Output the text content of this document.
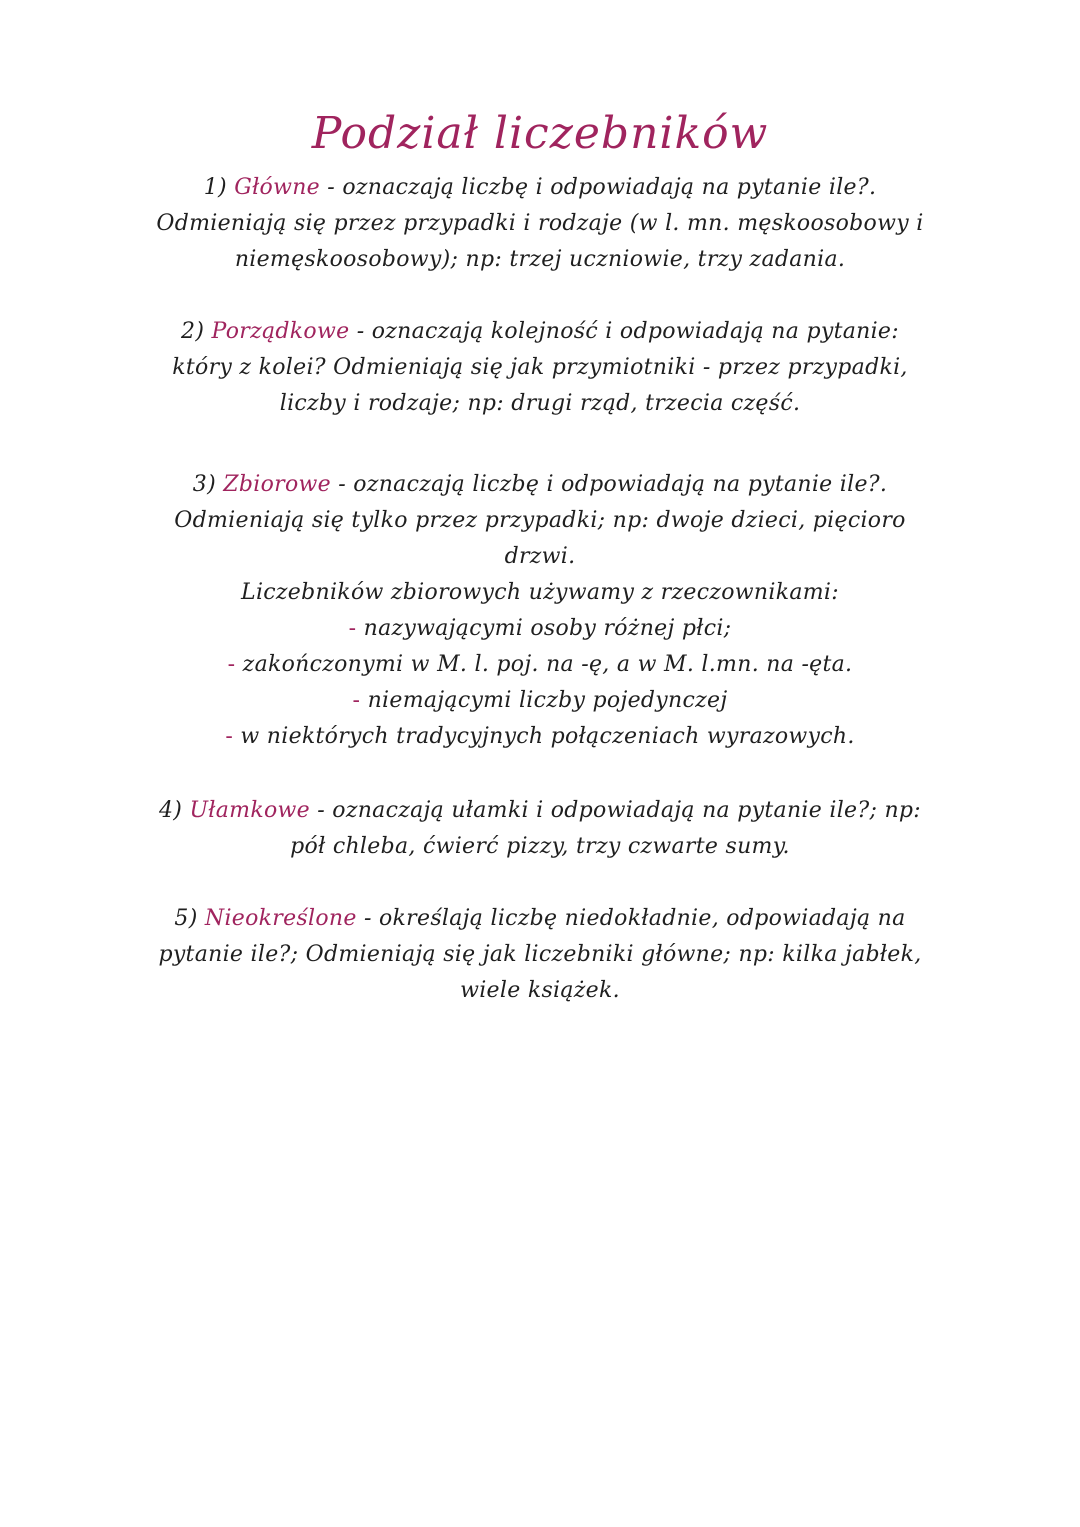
Podział liczebników
1) Główne - oznaczają liczbę i odpowiadają na pytanie ile?.
Odmieniają się przez przypadki i rodzaje (w l. mn. męskoosobowy i
niemęskoosobowy); np: trzej uczniowie, trzy zadania.
2) Porządkowe - oznaczają kolejność i odpowiadają na pytanie:
który z kolei? Odmieniają się jak przymiotniki - przez przypadki,
liczby i rodzaje; np: drugi rząd, trzecia część.
3) Zbiorowe - oznaczają liczbę i odpowiadają na pytanie ile?.
Odmieniają się tylko przez przypadki; np: dwoje dzieci, pięcioro
drzwi.
Liczebników zbiorowych używamy z rzeczownikami:
- nazywającymi osoby różnej płci;
- zakończonymi w M. l. poj. na -ę, a w M. l.mn. na -ęta.
- niemającymi liczby pojedynczej
- w niektórych tradycyjnych połączeniach wyrazowych.
4) Ułamkowe - oznaczają ułamki i odpowiadają na pytanie ile?; np:
pół chleba, ćwierć pizzy, trzy czwarte sumy.
5) Nieokreślone - określają liczbę niedokładnie, odpowiadają na
pytanie ile?; Odmieniają się jak liczebniki główne; np: kilka jabłek,
wiele książek.
